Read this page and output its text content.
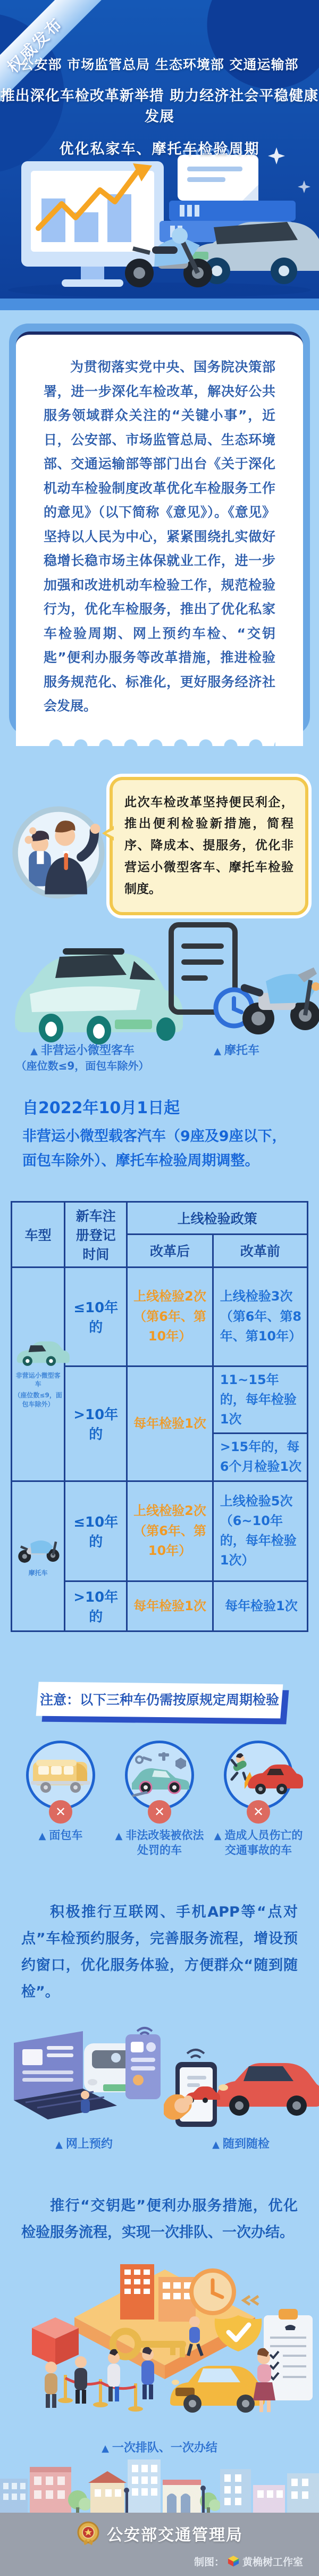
权威发布
公安部 市场监管总局 生态环境部 交通运输部
推出深化车检改革新举措 助力经济社会平稳健康发展
优化私家车、摩托车检验周期

为贯彻落实党中央、国务院决策部署，进一步深化车检改革，解决好公共服务领域群众关注的“关键小事”，近日，公安部、市场监管总局、生态环境部、交通运输部等部门出台《关于深化机动车检验制度改革优化车检服务工作的意见》（以下简称《意见》）。《意见》坚持以人民为中心，紧紧围绕扎实做好稳增长稳市场主体保就业工作，进一步加强和改进机动车检验工作，规范检验行为，优化车检服务，推出了优化私家车检验周期、网上预约车检、“交钥匙”便利办服务等改革措施，推进检验服务规范化、标准化，更好服务经济社会发展。

此次车检改革坚持便民利企，推出便利检验新措施，简程序、降成本、提服务，优化非营运小微型客车、摩托车检验制度。

▲ 非营运小微型客车
（座位数≤9，面包车除外）
▲ 摩托车
自2022年10月1日起

非营运小微型载客汽车（9座及9座以下，面包车除外）、摩托车检验周期调整。

车型	新车注册登记时间	上线检验政策	
		改革后	改革前

非营运小微型客车
（座位数≤9，面包车除外）	≤10年的	上线检验2次（第6年、第10年）	上线检验3次（第6年、第8年、第10年）
	>10年的	每年检验1次	11~15年的，每年检验1次
			>15年的，每6个月检验1次

摩托车	≤10年的	上线检验2次（第6年、第10年）	上线检验5次（6~10年的，每年检验1次）
	>10年的	每年检验1次	每年检验1次
注意：以下三种车仍需按原规定周期检验
✕
▲ 面包车
✕
▲ 非法改装被依法处罚的车
✕
▲ 造成人员伤亡的交通事故的车

积极推行互联网、手机APP等“点对点”车检预约服务，完善服务流程，增设预约窗口，优化服务体验，方便群众“随到随检”。

▲ 网上预约	▲ 随到随检

推行“交钥匙”便利办服务措施，优化检验服务流程，实现一次排队、一次办结。

▲ 一次排队、一次办结
公安部交通管理局
制图： 黄桷树工作室
